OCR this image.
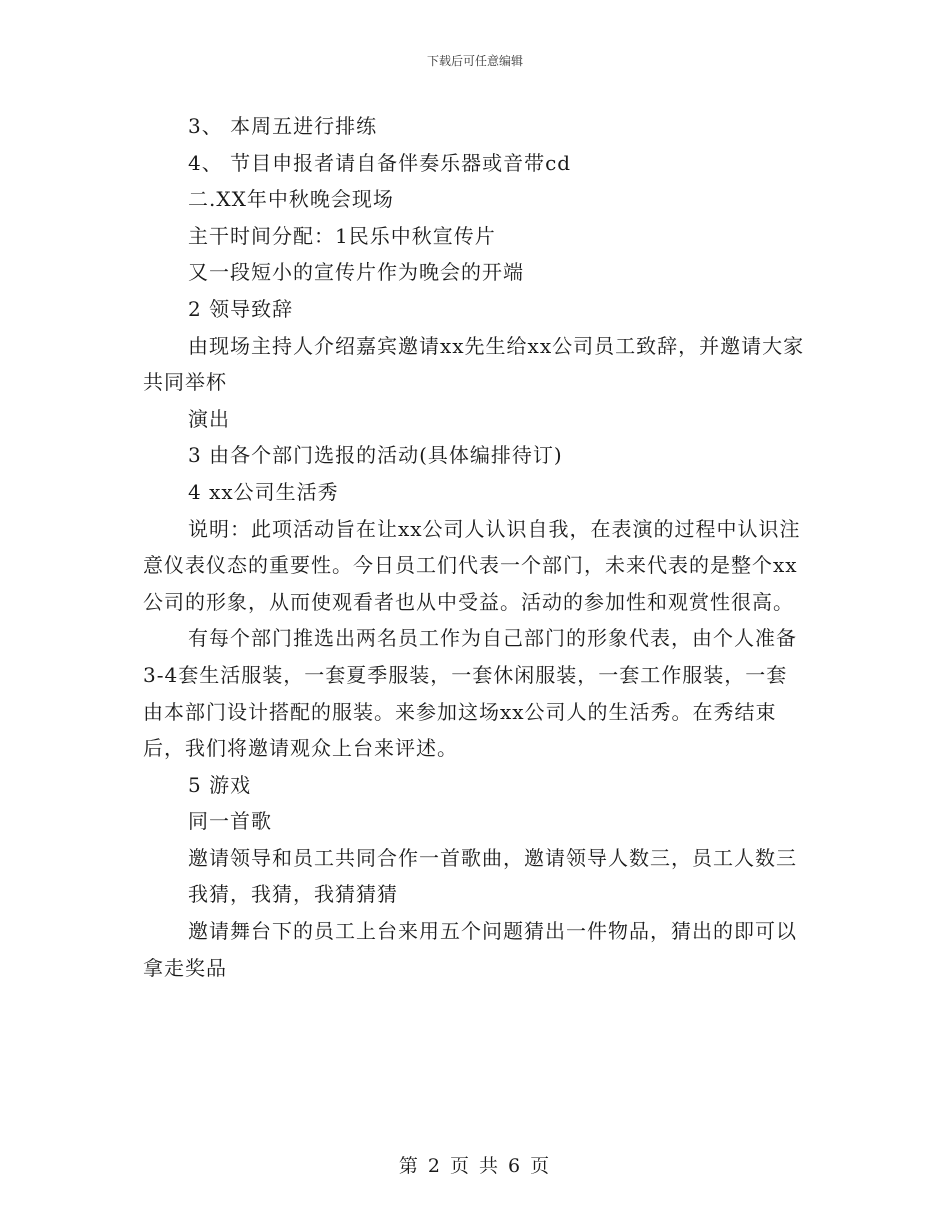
下载后可任意编辑

3、 本周五进行排练

4、 节目申报者请自备伴奏乐器或音带cd

二.XX年中秋晚会现场

主干时间分配：1民乐中秋宣传片

又一段短小的宣传片作为晚会的开端

2 领导致辞

由现场主持人介绍嘉宾邀请xx先生给xx公司员工致辞，并邀请大家共同举杯

演出

3 由各个部门选报的活动(具体编排待订)

4 xx公司生活秀

说明：此项活动旨在让xx公司人认识自我，在表演的过程中认识注意仪表仪态的重要性。今日员工们代表一个部门，未来代表的是整个xx公司的形象，从而使观看者也从中受益。活动的参加性和观赏性很高。

有每个部门推选出两名员工作为自己部门的形象代表，由个人准备3-4套生活服装，一套夏季服装，一套休闲服装，一套工作服装，一套由本部门设计搭配的服装。来参加这场xx公司人的生活秀。在秀结束后，我们将邀请观众上台来评述。

5 游戏

同一首歌

邀请领导和员工共同合作一首歌曲，邀请领导人数三，员工人数三

我猜，我猜，我猜猜猜

邀请舞台下的员工上台来用五个问题猜出一件物品，猜出的即可以拿走奖品

第 2 页 共 6 页
